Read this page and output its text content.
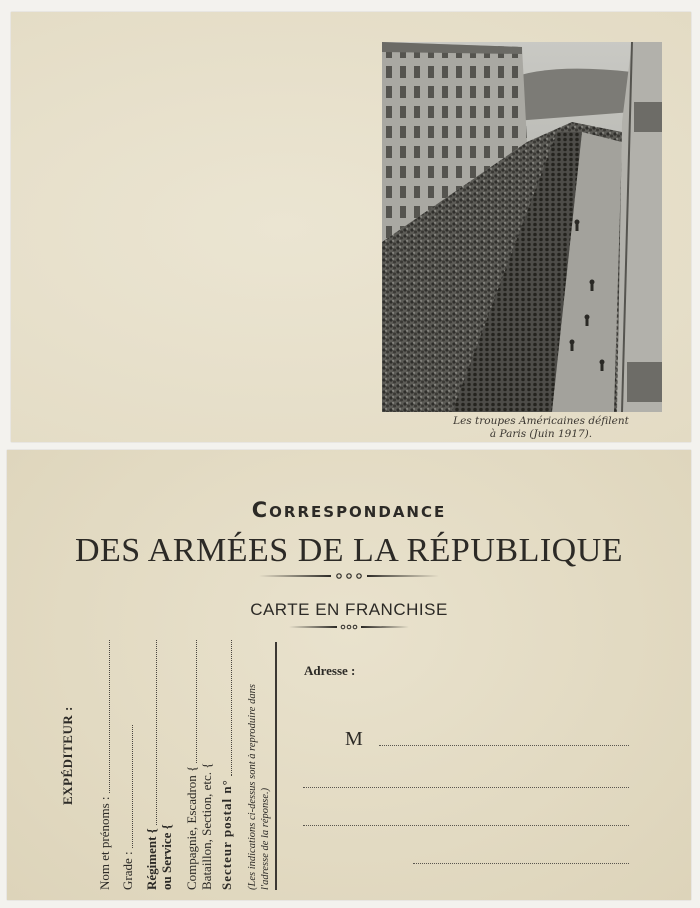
Les troupes Américaines défilent
à Paris (Juin 1917).
Correspondance
DES ARMÉES DE LA RÉPUBLIQUE
CARTE EN FRANCHISE
EXPÉDITEUR :
Nom et prénoms : Grade : Régiment { ou Service { Compagnie, Escadron { Bataillon, Section, etc. { Secteur postal n° (Les indications ci-dessus sont à reproduire dans l'adresse de la réponse.)
Adresse :
M
